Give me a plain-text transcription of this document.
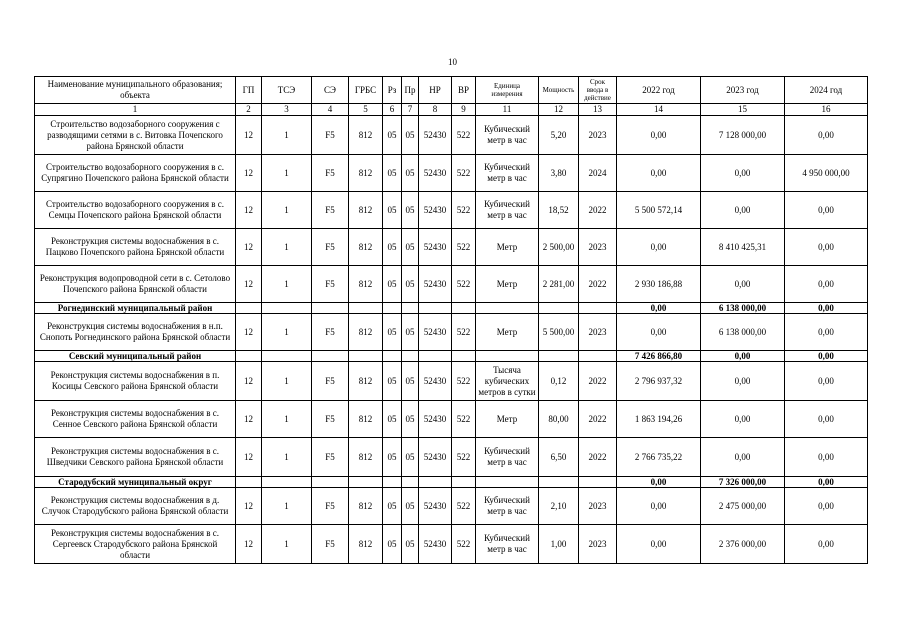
10
Наименование муниципального образования; объекта	ГП	ТСЭ	СЭ	ГРБС	Рз	Пр	НР	ВР	Единица измерения	Мощность	Срок ввода в действие	2022 год	2023 год	2024 год
1	2	3	4	5	6	7	8	9	11	12	13	14	15	16
Строительство водозаборного сооружения с разводящими сетями в с. Витовка Почепского района Брянской области	12	1	F5	812	05	05	52430	522	Кубический метр в час	5,20	2023	0,00	7 128 000,00	0,00
Строительство водозаборного сооружения в с. Супрягино Почепского района Брянской области	12	1	F5	812	05	05	52430	522	Кубический метр в час	3,80	2024	0,00	0,00	4 950 000,00
Строительство водозаборного сооружения в с. Семцы Почепского района Брянской области	12	1	F5	812	05	05	52430	522	Кубический метр в час	18,52	2022	5 500 572,14	0,00	0,00
Реконструкция системы водоснабжения в с. Пацково Почепского района Брянской области	12	1	F5	812	05	05	52430	522	Метр	2 500,00	2023	0,00	8 410 425,31	0,00
Реконструкция водопроводной сети в с. Сетолово Почепского района Брянской области	12	1	F5	812	05	05	52430	522	Метр	2 281,00	2022	2 930 186,88	0,00	0,00
Рогнединский муниципальный район												0,00	6 138 000,00	0,00
Реконструкция системы водоснабжения в н.п. Снопоть Рогнединского района Брянской области	12	1	F5	812	05	05	52430	522	Метр	5 500,00	2023	0,00	6 138 000,00	0,00
Севский муниципальный район												7 426 866,80	0,00	0,00
Реконструкция системы водоснабжения в п. Косицы Севского района Брянской области	12	1	F5	812	05	05	52430	522	Тысяча кубических метров в сутки	0,12	2022	2 796 937,32	0,00	0,00
Реконструкция системы водоснабжения в с. Сенное Севского района Брянской области	12	1	F5	812	05	05	52430	522	Метр	80,00	2022	1 863 194,26	0,00	0,00
Реконструкция системы водоснабжения в с. Шведчики Севского района Брянской области	12	1	F5	812	05	05	52430	522	Кубический метр в час	6,50	2022	2 766 735,22	0,00	0,00
Стародубский муниципальный округ												0,00	7 326 000,00	0,00
Реконструкция системы водоснабжения в д. Случок Стародубского района Брянской области	12	1	F5	812	05	05	52430	522	Кубический метр в час	2,10	2023	0,00	2 475 000,00	0,00
Реконструкция системы водоснабжения в с. Сергеевск Стародубского района Брянской области	12	1	F5	812	05	05	52430	522	Кубический метр в час	1,00	2023	0,00	2 376 000,00	0,00
